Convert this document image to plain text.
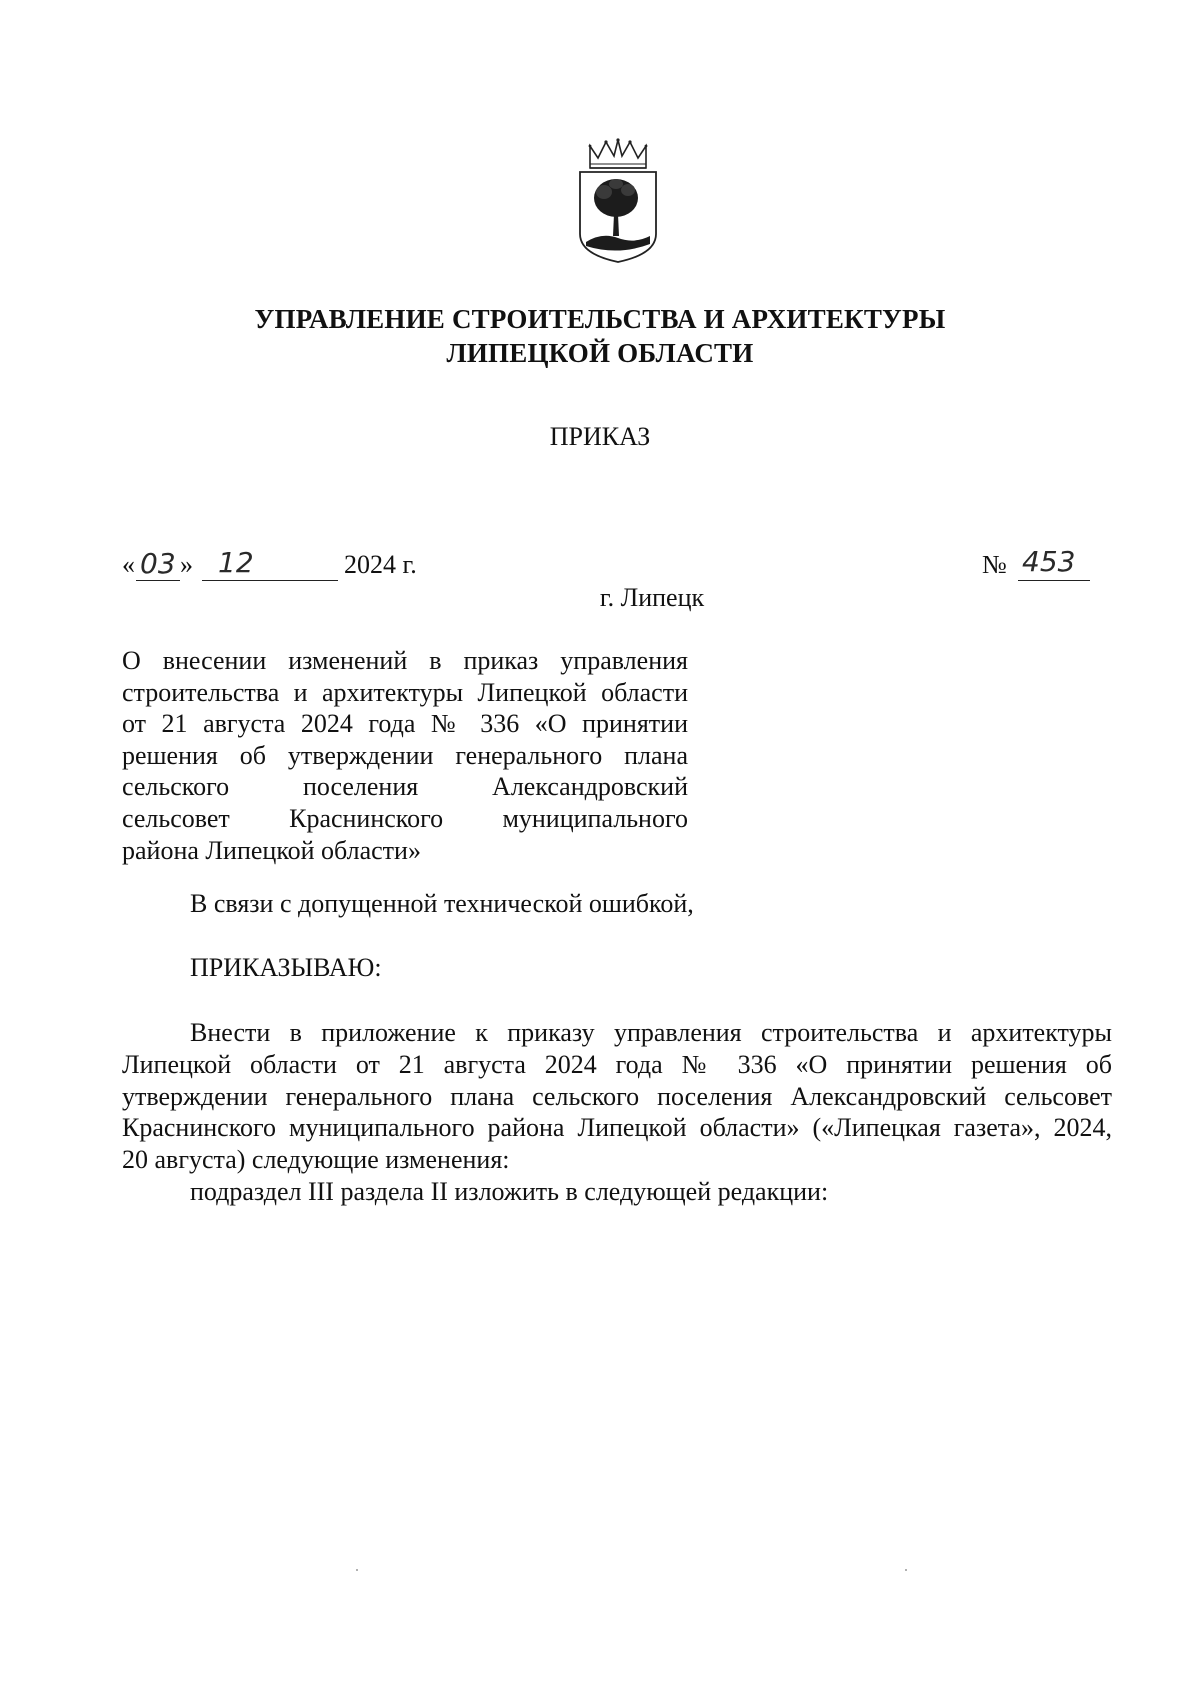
УПРАВЛЕНИЕ СТРОИТЕЛЬСТВА И АРХИТЕКТУРЫ
ЛИПЕЦКОЙ ОБЛАСТИ
ПРИКАЗ
« 03 » 12	2024 г.	№ 453
г. Липецк
О внесении изменений в приказ управления
строительства и архитектуры Липецкой области
от 21 августа 2024 года № 336 «О принятии
решения об утверждении генерального плана
сельского поселения Александровский
сельсовет Краснинского муниципального
района Липецкой области»
В связи с допущенной технической ошибкой,
ПРИКАЗЫВАЮ:
Внести в приложение к приказу управления строительства и архитектуры
Липецкой области от 21 августа 2024 года № 336 «О принятии решения об
утверждении генерального плана сельского поселения Александровский сельсовет
Краснинского муниципального района Липецкой области» («Липецкая газета», 2024,
20 августа) следующие изменения:
подраздел III раздела II изложить в следующей редакции:
